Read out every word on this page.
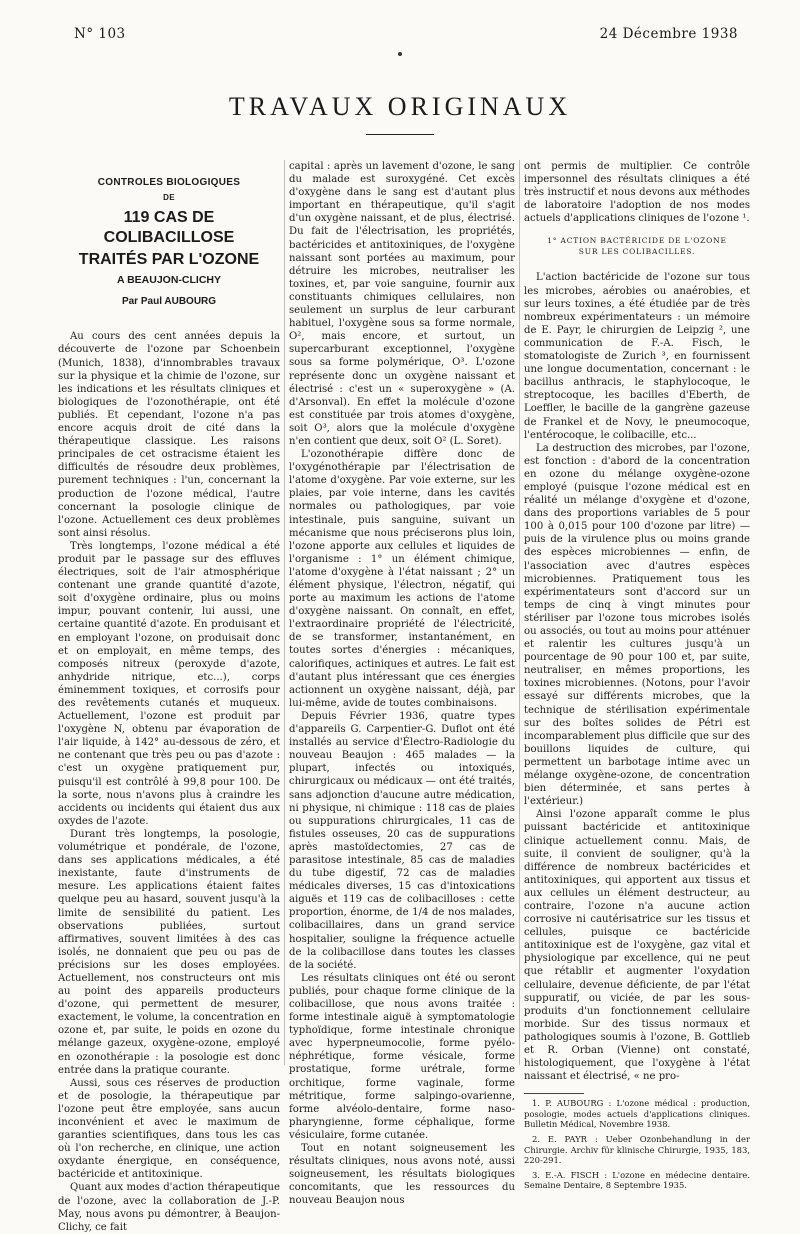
N° 103	24 Décembre 1938
TRAVAUX ORIGINAUX
CONTROLES BIOLOGIQUES
DE
119 CAS DE COLIBACILLOSE
TRAITÉS PAR L'OZONE
A BEAUJON-CLICHY
Par Paul AUBOURG

Au cours des cent années depuis la découverte de l'ozone par Schoenbein (Munich, 1838), d'innombrables travaux sur la physique et la chimie de l'ozone, sur les indications et les résultats cliniques et biologiques de l'ozonothérapie, ont été publiés. Et cependant, l'ozone n'a pas encore acquis droit de cité dans la thérapeutique classique. Les raisons principales de cet ostracisme étaient les difficultés de résoudre deux problèmes, purement techniques : l'un, concernant la production de l'ozone médical, l'autre concernant la posologie clinique de l'ozone. Actuellement ces deux problèmes sont ainsi résolus.

Très longtemps, l'ozone médical a été produit par le passage sur des effluves électriques, soit de l'air atmosphérique contenant une grande quantité d'azote, soit d'oxygène ordinaire, plus ou moins impur, pouvant contenir, lui aussi, une certaine quantité d'azote. En produisant et en employant l'ozone, on produisait donc et on employait, en même temps, des composés nitreux (peroxyde d'azote, anhydride nitrique, etc...), corps éminemment toxiques, et corrosifs pour des revêtements cutanés et muqueux. Actuellement, l'ozone est produit par l'oxygène N, obtenu par évaporation de l'air liquide, à 142° au-dessous de zéro, et ne contenant que très peu ou pas d'azote : c'est un oxygène pratiquement pur, puisqu'il est contrôlé à 99,8 pour 100. De la sorte, nous n'avons plus à craindre les accidents ou incidents qui étaient dus aux oxydes de l'azote.

Durant très longtemps, la posologie, volumétrique et pondérale, de l'ozone, dans ses applications médicales, a été inexistante, faute d'instruments de mesure. Les applications étaient faites quelque peu au hasard, souvent jusqu'à la limite de sensibilité du patient. Les observations publiées, surtout affirmatives, souvent limitées à des cas isolés, ne donnaient que peu ou pas de précisions sur les doses employées. Actuellement, nos constructeurs ont mis au point des appareils producteurs d'ozone, qui permettent de mesurer, exactement, le volume, la concentration en ozone et, par suite, le poids en ozone du mélange gazeux, oxygène-ozone, employé en ozonothérapie : la posologie est donc entrée dans la pratique courante.

Aussi, sous ces réserves de production et de posologie, la thérapeutique par l'ozone peut être employée, sans aucun inconvénient et avec le maximum de garanties scientifiques, dans tous les cas où l'on recherche, en clinique, une action oxydante énergique, en conséquence, bactéricide et antitoxinique.

Quant aux modes d'action thérapeutique de l'ozone, avec la collaboration de J.-P. May, nous avons pu démontrer, à Beaujon-Clichy, ce fait

capital : après un lavement d'ozone, le sang du malade est suroxygéné. Cet excès d'oxygène dans le sang est d'autant plus important en thérapeutique, qu'il s'agit d'un oxygène naissant, et de plus, électrisé. Du fait de l'électrisation, les propriétés, bactéricides et antitoxiniques, de l'oxygène naissant sont portées au maximum, pour détruire les microbes, neutraliser les toxines, et, par voie sanguine, fournir aux constituants chimiques cellulaires, non seulement un surplus de leur carburant habituel, l'oxygène sous sa forme normale, O², mais encore, et surtout, un supercarburant exceptionnel, l'oxygène sous sa forme polymérique, O³. L'ozone représente donc un oxygène naissant et électrisé : c'est un « superoxygène » (A. d'Arsonval). En effet la molécule d'ozone est constituée par trois atomes d'oxygène, soit O³, alors que la molécule d'oxygène n'en contient que deux, soit O² (L. Soret).

L'ozonothérapie diffère donc de l'oxygénothérapie par l'électrisation de l'atome d'oxygène. Par voie externe, sur les plaies, par voie interne, dans les cavités normales ou pathologiques, par voie intestinale, puis sanguine, suivant un mécanisme que nous préciserons plus loin, l'ozone apporte aux cellules et liquides de l'organisme : 1° un élément chimique, l'atome d'oxygène à l'état naissant ; 2° un élément physique, l'électron, négatif, qui porte au maximum les actions de l'atome d'oxygène naissant. On connaît, en effet, l'extraordinaire propriété de l'électricité, de se transformer, instantanément, en toutes sortes d'énergies : mécaniques, calorifiques, actiniques et autres. Le fait est d'autant plus intéressant que ces énergies actionnent un oxygène naissant, déjà, par lui-même, avide de toutes combinaisons.

Depuis Février 1936, quatre types d'appareils G. Carpentier-G. Duflot ont été installés au service d'Électro-Radiologie du nouveau Beaujon : 465 malades — la plupart, infectés ou intoxiqués, chirurgicaux ou médicaux — ont été traités, sans adjonction d'aucune autre médication, ni physique, ni chimique : 118 cas de plaies ou suppurations chirurgicales, 11 cas de fistules osseuses, 20 cas de suppurations après mastoïdectomies, 27 cas de parasitose intestinale, 85 cas de maladies du tube digestif, 72 cas de maladies médicales diverses, 15 cas d'intoxications aiguës et 119 cas de colibacilloses : cette proportion, énorme, de 1/4 de nos malades, colibacillaires, dans un grand service hospitalier, souligne la fréquence actuelle de la colibacillose dans toutes les classes de la société.

Les résultats cliniques ont été ou seront publiés, pour chaque forme clinique de la colibacillose, que nous avons traitée : forme intestinale aiguë à symptomatologie typhoïdique, forme intestinale chronique avec hyperpneumocolie, forme pyélo-néphrétique, forme vésicale, forme prostatique, forme urétrale, forme orchitique, forme vaginale, forme métritique, forme salpingo-ovarienne, forme alvéolo-dentaire, forme naso-pharyngienne, forme céphalique, forme vésiculaire, forme cutanée.

Tout en notant soigneusement les résultats cliniques, nous avons noté, aussi soigneusement, les résultats biologiques concomitants, que les ressources du nouveau Beaujon nous

ont permis de multiplier. Ce contrôle impersonnel des résultats cliniques a été très instructif et nous devons aux méthodes de laboratoire l'adoption de nos modes actuels d'applications cliniques de l'ozone ¹.

1° ACTION BACTÉRICIDE DE L'OZONE
SUR LES COLIBACILLES.

L'action bactéricide de l'ozone sur tous les microbes, aérobies ou anaérobies, et sur leurs toxines, a été étudiée par de très nombreux expérimentateurs : un mémoire de E. Payr, le chirurgien de Leipzig ², une communication de F.-A. Fisch, le stomatologiste de Zurich ³, en fournissent une longue documentation, concernant : le bacillus anthracis, le staphylocoque, le streptocoque, les bacilles d'Eberth, de Loeffler, le bacille de la gangrène gazeuse de Frankel et de Novy, le pneumocoque, l'entérocoque, le colibacille, etc...

La destruction des microbes, par l'ozone, est fonction : d'abord de la concentration en ozone du mélange oxygène-ozone employé (puisque l'ozone médical est en réalité un mélange d'oxygène et d'ozone, dans des proportions variables de 5 pour 100 à 0,015 pour 100 d'ozone par litre) — puis de la virulence plus ou moins grande des espèces microbiennes — enfin, de l'association avec d'autres espèces microbiennes. Pratiquement tous les expérimentateurs sont d'accord sur un temps de cinq à vingt minutes pour stériliser par l'ozone tous microbes isolés ou associés, ou tout au moins pour atténuer et ralentir les cultures jusqu'à un pourcentage de 90 pour 100 et, par suite, neutraliser, en mêmes proportions, les toxines microbiennes. (Notons, pour l'avoir essayé sur différents microbes, que la technique de stérilisation expérimentale sur des boîtes solides de Pétri est incomparablement plus difficile que sur des bouillons liquides de culture, qui permettent un barbotage intime avec un mélange oxygène-ozone, de concentration bien déterminée, et sans pertes à l'extérieur.)

Ainsi l'ozone apparaît comme le plus puissant bactéricide et antitoxinique clinique actuellement connu. Mais, de suite, il convient de souligner, qu'à la différence de nombreux bactéricides et antitoxiniques, qui apportent aux tissus et aux cellules un élément destructeur, au contraire, l'ozone n'a aucune action corrosive ni cautérisatrice sur les tissus et cellules, puisque ce bactéricide antitoxinique est de l'oxygène, gaz vital et physiologique par excellence, qui ne peut que rétablir et augmenter l'oxydation cellulaire, devenue déficiente, de par l'état suppuratif, ou viciée, de par les sous-produits d'un fonctionnement cellulaire morbide. Sur des tissus normaux et pathologiques soumis à l'ozone, B. Gottlieb et R. Orban (Vienne) ont constaté, histologiquement, que l'oxygène à l'état naissant et électrisé, « ne pro-

1. P. AUBOURG : L'ozone médical : production, posologie, modes actuels d'applications cliniques. Bulletin Médical, Novembre 1938.

2. E. PAYR : Ueber Ozonbehandlung in der Chirurgie. Archiv für klinische Chirurgie, 1935, 183, 220-291.

3. E.-A. FISCH : L'ozone en médecine dentaire. Semaine Dentaire, 8 Septembre 1935.
